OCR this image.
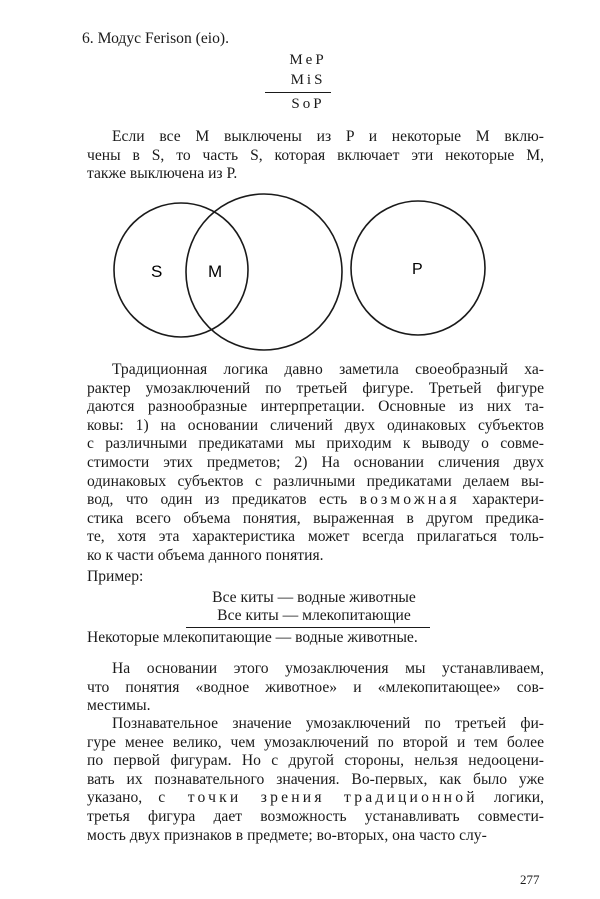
6. Модус Ferison (eio).
MeP
MiS
SoP
Если все M выключены из P и некоторые M вклю-
чены в S, то часть S, которая включает эти некоторые M,
также выключена из P.
S	M	P
Традиционная логика давно заметила своеобразный ха-
рактер умозаключений по третьей фигуре. Третьей фигуре
даются разнообразные интерпретации. Основные из них та-
ковы: 1) на основании сличений двух одинаковых субъектов
с различными предикатами мы приходим к выводу о совме-
стимости этих предметов; 2) На основании сличения двух
одинаковых субъектов с различными предикатами делаем вы-
вод, что один из предикатов есть возможная характери-
стика всего объема понятия, выраженная в другом предика-
те, хотя эта характеристика может всегда прилагаться толь-
ко к части объема данного понятия.
Пример:
Все киты — водные животные
Все киты — млекопитающие
Некоторые млекопитающие — водные животные.
На основании этого умозаключения мы устанавливаем,
что понятия «водное животное» и «млекопитающее» сов-
местимы.
Познавательное значение умозаключений по третьей фи-
гуре менее велико, чем умозаключений по второй и тем более
по первой фигурам. Но с другой стороны, нельзя недооцени-
вать их познавательного значения. Во-первых, как было уже
указано, с точки зрения традиционной логики,
третья фигура дает возможность устанавливать совмести-
мость двух признаков в предмете; во-вторых, она часто слу-
277
